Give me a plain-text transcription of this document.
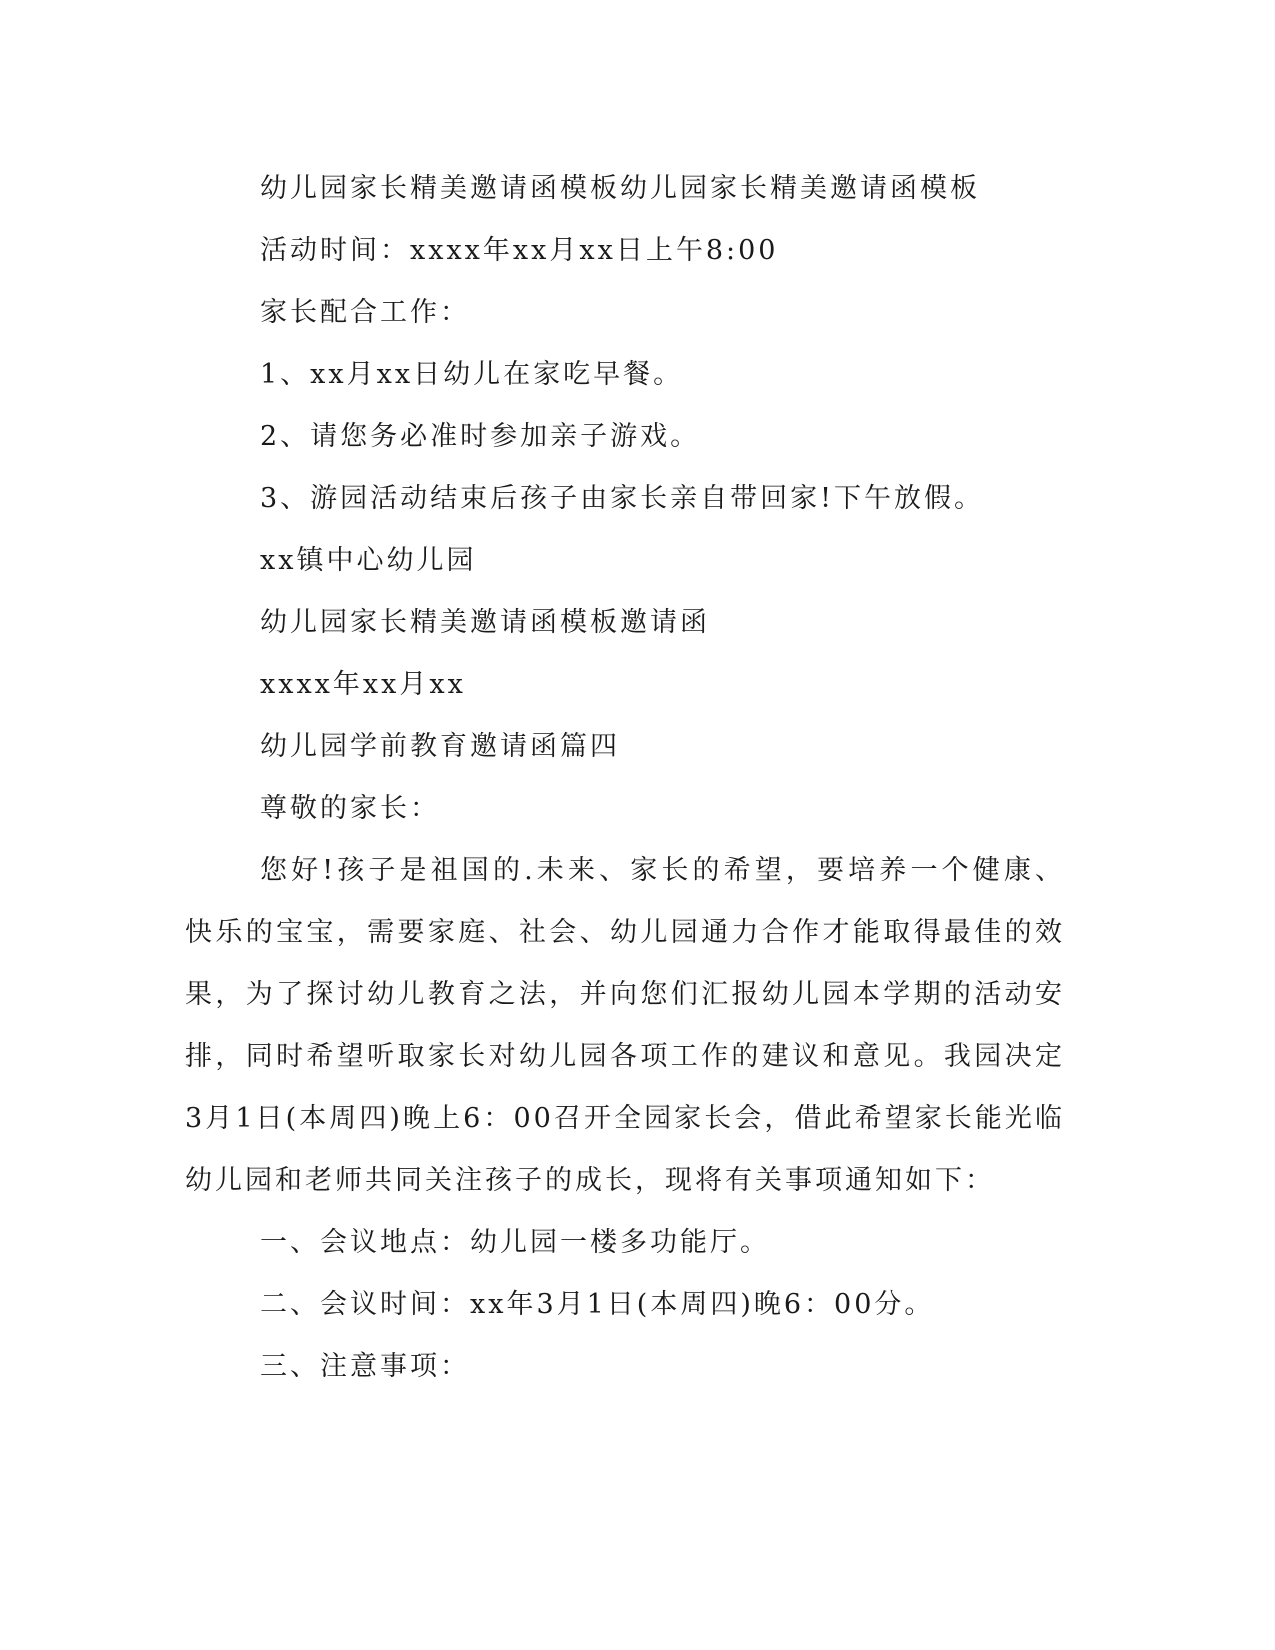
幼儿园家长精美邀请函模板幼儿园家长精美邀请函模板
活动时间：xxxx年xx月xx日上午8:00
家长配合工作：
1、xx月xx日幼儿在家吃早餐。
2、请您务必准时参加亲子游戏。
3、游园活动结束后孩子由家长亲自带回家!下午放假。
xx镇中心幼儿园
幼儿园家长精美邀请函模板邀请函
xxxx年xx月xx
幼儿园学前教育邀请函篇四
尊敬的家长：

您好!孩子是祖国的.未来、家长的希望，要培养一个健康、快乐的宝宝，需要家庭、社会、幼儿园通力合作才能取得最佳的效果，为了探讨幼儿教育之法，并向您们汇报幼儿园本学期的活动安排，同时希望听取家长对幼儿园各项工作的建议和意见。我园决定3月1日(本周四)晚上6：00召开全园家长会，借此希望家长能光临幼儿园和老师共同关注孩子的成长，现将有关事项通知如下：

一、会议地点：幼儿园一楼多功能厅。
二、会议时间：xx年3月1日(本周四)晚6：00分。
三、注意事项：
